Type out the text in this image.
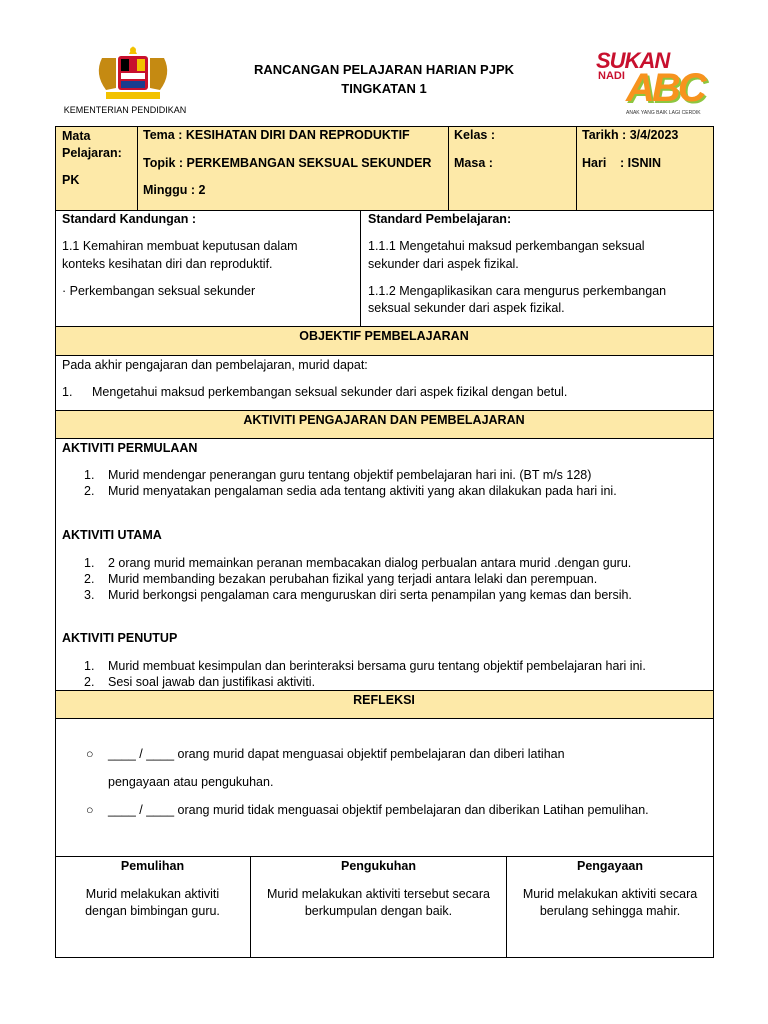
KEMENTERIAN PENDIDIKAN
RANCANGAN PELAJARAN HARIAN PJPK
TINGKATAN 1
SUKAN
NADI ABC
ANAK YANG BAIK LAGI CERDIK
Mata Pelajaran:
PK
Tema : KESIHATAN DIRI DAN REPRODUKTIF
Topik : PERKEMBANGAN SEKSUAL SEKUNDER
Minggu : 2
Kelas :
Masa :
Tarikh : 3/4/2023
Hari : ISNIN
Standard Kandungan :
1.1 Kemahiran membuat keputusan dalam konteks kesihatan diri dan reproduktif.
· Perkembangan seksual sekunder
Standard Pembelajaran:
1.1.1 Mengetahui maksud perkembangan seksual sekunder dari aspek fizikal.
1.1.2 Mengaplikasikan cara mengurus perkembangan seksual sekunder dari aspek fizikal.
OBJEKTIF PEMBELAJARAN
Pada akhir pengajaran dan pembelajaran, murid dapat:
1. Mengetahui maksud perkembangan seksual sekunder dari aspek fizikal dengan betul.
AKTIVITI PENGAJARAN DAN PEMBELAJARAN
AKTIVITI PERMULAAN
1. Murid mendengar penerangan guru tentang objektif pembelajaran hari ini. (BT m/s 128)
2. Murid menyatakan pengalaman sedia ada tentang aktiviti yang akan dilakukan pada hari ini.
AKTIVITI UTAMA
1. 2 orang murid memainkan peranan membacakan dialog perbualan antara murid .dengan guru.
2. Murid membanding bezakan perubahan fizikal yang terjadi antara lelaki dan perempuan.
3. Murid berkongsi pengalaman cara menguruskan diri serta penampilan yang kemas dan bersih.
AKTIVITI PENUTUP
1. Murid membuat kesimpulan dan berinteraksi bersama guru tentang objektif pembelajaran hari ini.
2. Sesi soal jawab dan justifikasi aktiviti.
REFLEKSI
○ ____ / ____ orang murid dapat menguasai objektif pembelajaran dan diberi latihan
pengayaan atau pengukuhan.
○ ____ / ____ orang murid tidak menguasai objektif pembelajaran dan diberikan Latihan pemulihan.
Pemulihan
Murid melakukan aktiviti dengan bimbingan guru.
Pengukuhan
Murid melakukan aktiviti tersebut secara berkumpulan dengan baik.
Pengayaan
Murid melakukan aktiviti secara berulang sehingga mahir.
